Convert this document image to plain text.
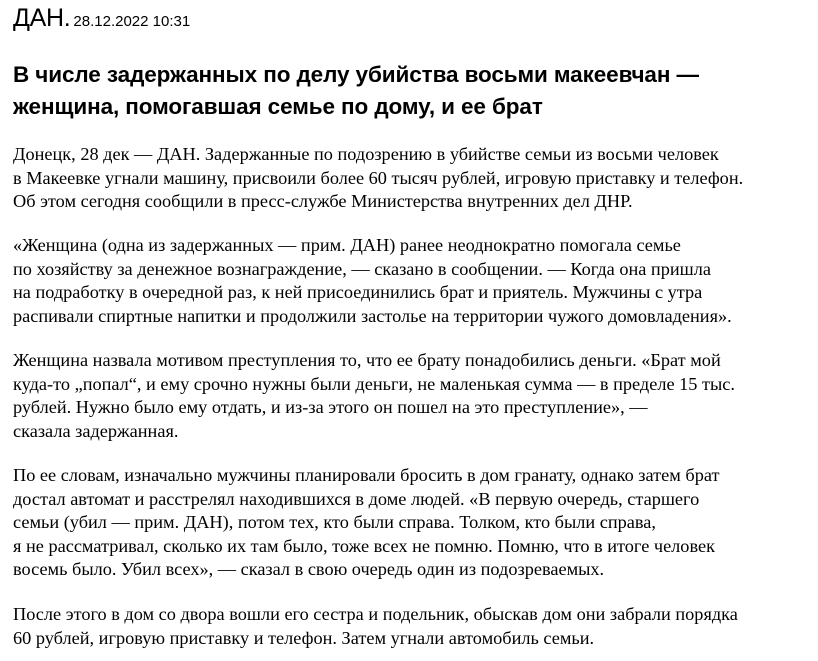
ДАН. 28.12.2022 10:31
В числе задержанных по делу убийства восьми макеевчан —
женщина, помогавшая семье по дому, и ее брат

Донецк, 28 дек — ДАН. Задержанные по подозрению в убийстве семьи из восьми человек
в Макеевке угнали машину, присвоили более 60 тысяч рублей, игровую приставку и телефон.
Об этом сегодня сообщили в пресс-службе Министерства внутренних дел ДНР.

«Женщина (одна из задержанных — прим. ДАН) ранее неоднократно помогала семье
по хозяйству за денежное вознаграждение, — сказано в сообщении. — Когда она пришла
на подработку в очередной раз, к ней присоединились брат и приятель. Мужчины с утра
распивали спиртные напитки и продолжили застолье на территории чужого домовладения».

Женщина назвала мотивом преступления то, что ее брату понадобились деньги. «Брат мой
куда-то „попал“, и ему срочно нужны были деньги, не маленькая сумма — в пределе 15 тыс.
рублей. Нужно было ему отдать, и из-за этого он пошел на это преступление», —
сказала задержанная.

По ее словам, изначально мужчины планировали бросить в дом гранату, однако затем брат
достал автомат и расстрелял находившихся в доме людей. «В первую очередь, старшего
семьи (убил — прим. ДАН), потом тех, кто были справа. Толком, кто были справа,
я не рассматривал, сколько их там было, тоже всех не помню. Помню, что в итоге человек
восемь было. Убил всех», — сказал в свою очередь один из подозреваемых.

После этого в дом со двора вошли его сестра и подельник, обыскав дом они забрали порядка
60 рублей, игровую приставку и телефон. Затем угнали автомобиль семьи.
